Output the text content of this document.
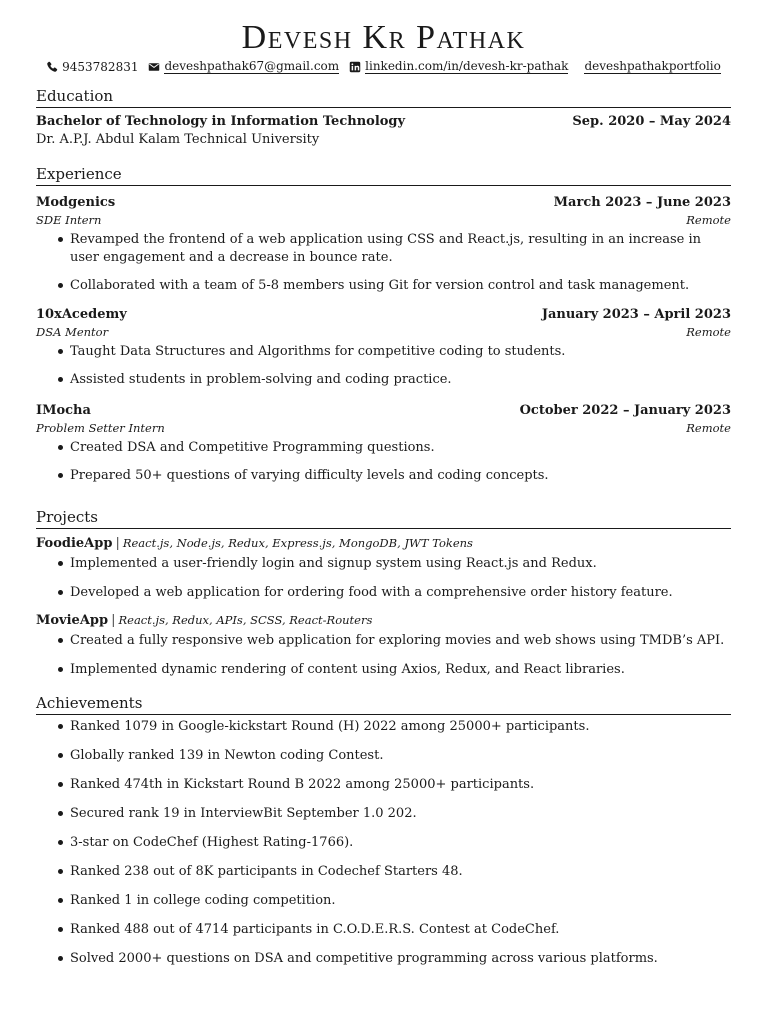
Devesh Kr Pathak
9453782831 deveshpathak67@gmail.com linkedin.com/in/devesh-kr-pathak deveshpathakportfolio
Education
Bachelor of Technology in Information Technology	Sep. 2020 – May 2024
Dr. A.P.J. Abdul Kalam Technical University
Experience
Modgenics	March 2023 – June 2023
SDE Intern	Remote
Revamped the frontend of a web application using CSS and React.js, resulting in an increase in user engagement and a decrease in bounce rate.
Collaborated with a team of 5-8 members using Git for version control and task management.
10xAcedemy	January 2023 – April 2023
DSA Mentor	Remote
Taught Data Structures and Algorithms for competitive coding to students.
Assisted students in problem-solving and coding practice.
IMocha	October 2022 – January 2023
Problem Setter Intern	Remote
Created DSA and Competitive Programming questions.
Prepared 50+ questions of varying difficulty levels and coding concepts.
Projects
FoodieApp | React.js, Node.js, Redux, Express.js, MongoDB, JWT Tokens
Implemented a user-friendly login and signup system using React.js and Redux.
Developed a web application for ordering food with a comprehensive order history feature.
MovieApp | React.js, Redux, APIs, SCSS, React-Routers
Created a fully responsive web application for exploring movies and web shows using TMDB’s API.
Implemented dynamic rendering of content using Axios, Redux, and React libraries.
Achievements
Ranked 1079 in Google-kickstart Round (H) 2022 among 25000+ participants.
Globally ranked 139 in Newton coding Contest.
Ranked 474th in Kickstart Round B 2022 among 25000+ participants.
Secured rank 19 in InterviewBit September 1.0 202.
3-star on CodeChef (Highest Rating-1766).
Ranked 238 out of 8K participants in Codechef Starters 48.
Ranked 1 in college coding competition.
Ranked 488 out of 4714 participants in C.O.D.E.R.S. Contest at CodeChef.
Solved 2000+ questions on DSA and competitive programming across various platforms.
